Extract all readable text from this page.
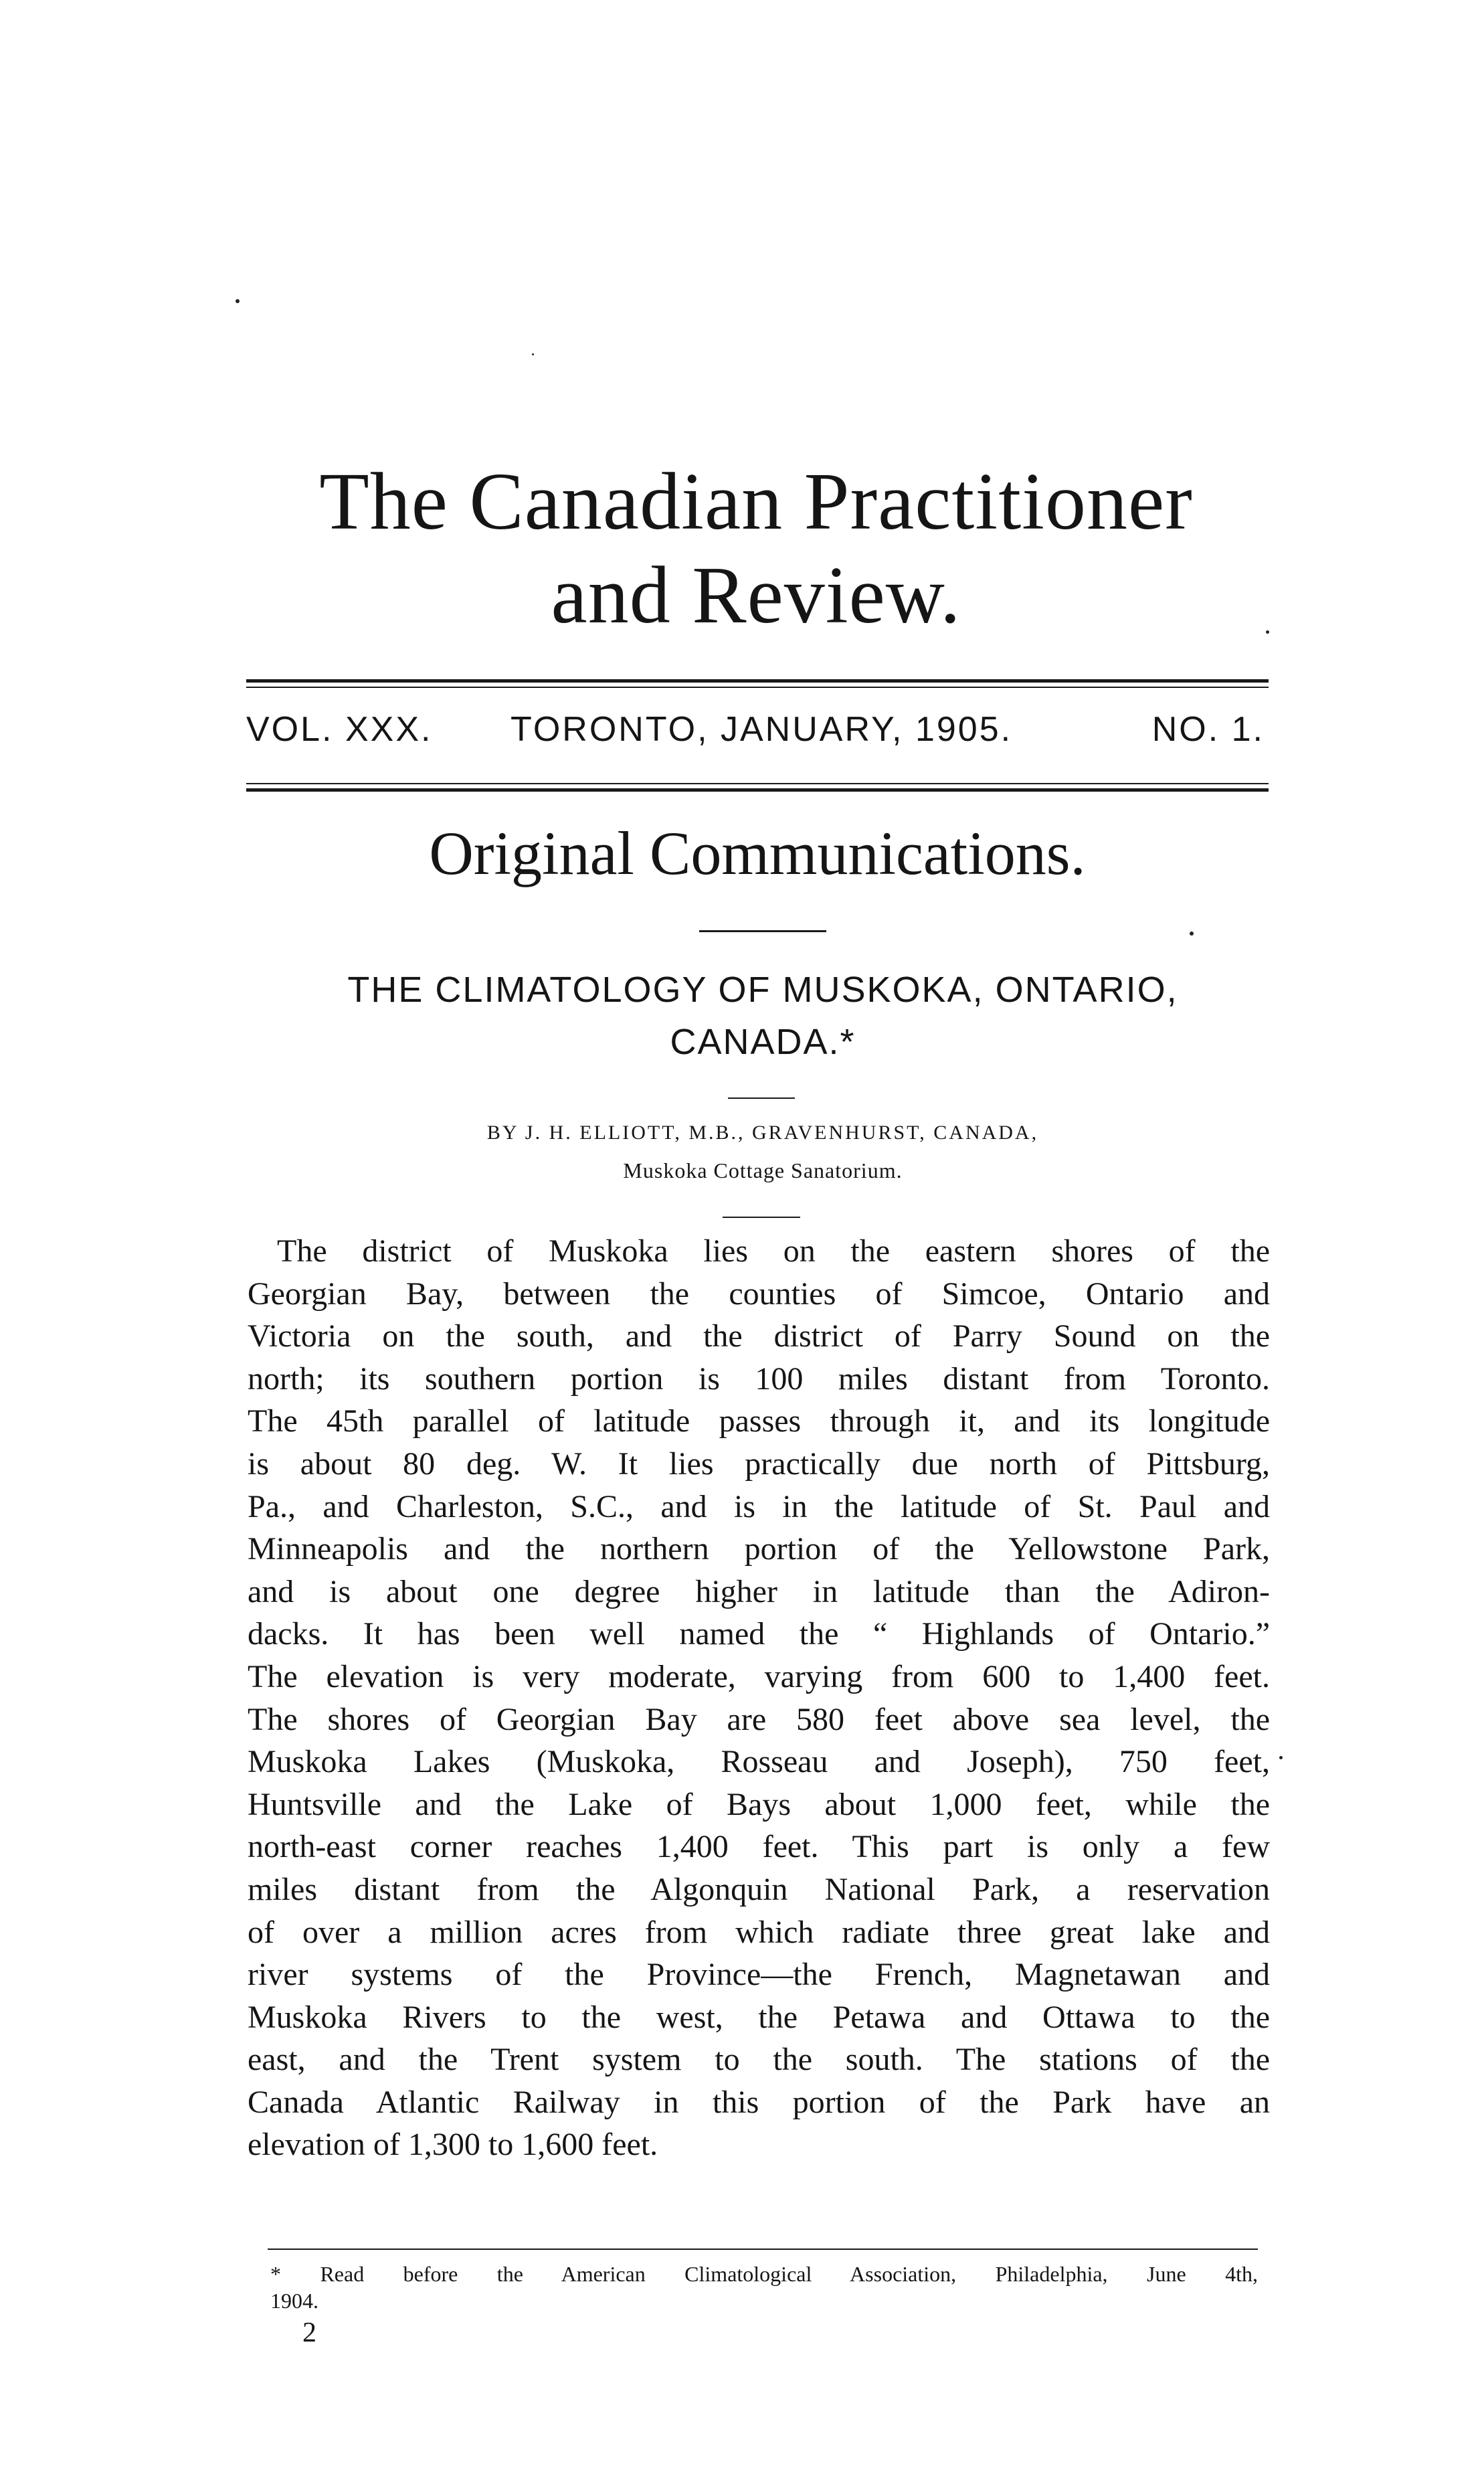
The Canadian Practitioner
and Review.
VOL. XXX. TORONTO, JANUARY, 1905.	NO. 1.
Original Communications.
THE CLIMATOLOGY OF MUSKOKA, ONTARIO,
CANADA.*
BY J. H. ELLIOTT, M.B., GRAVENHURST, CANADA,
Muskoka Cottage Sanatorium.
The district of Muskoka lies on the eastern shores of the
Georgian Bay, between the counties of Simcoe, Ontario and
Victoria on the south, and the district of Parry Sound on the
north; its southern portion is 100 miles distant from Toronto.
The 45th parallel of latitude passes through it, and its longitude
is about 80 deg. W. It lies practically due north of Pittsburg,
Pa., and Charleston, S.C., and is in the latitude of St. Paul and
Minneapolis and the northern portion of the Yellowstone Park,
and is about one degree higher in latitude than the Adiron-
dacks. It has been well named the “ Highlands of Ontario.”
The elevation is very moderate, varying from 600 to 1,400 feet.
The shores of Georgian Bay are 580 feet above sea level, the
Muskoka Lakes (Muskoka, Rosseau and Joseph), 750 feet,
Huntsville and the Lake of Bays about 1,000 feet, while the
north-east corner reaches 1,400 feet. This part is only a few
miles distant from the Algonquin National Park, a reservation
of over a million acres from which radiate three great lake and
river systems of the Province—the French, Magnetawan and
Muskoka Rivers to the west, the Petawa and Ottawa to the
east, and the Trent system to the south. The stations of the
Canada Atlantic Railway in this portion of the Park have an
elevation of 1,300 to 1,600 feet.
* Read before the American Climatological Association, Philadelphia, June 4th,
1904.
2
